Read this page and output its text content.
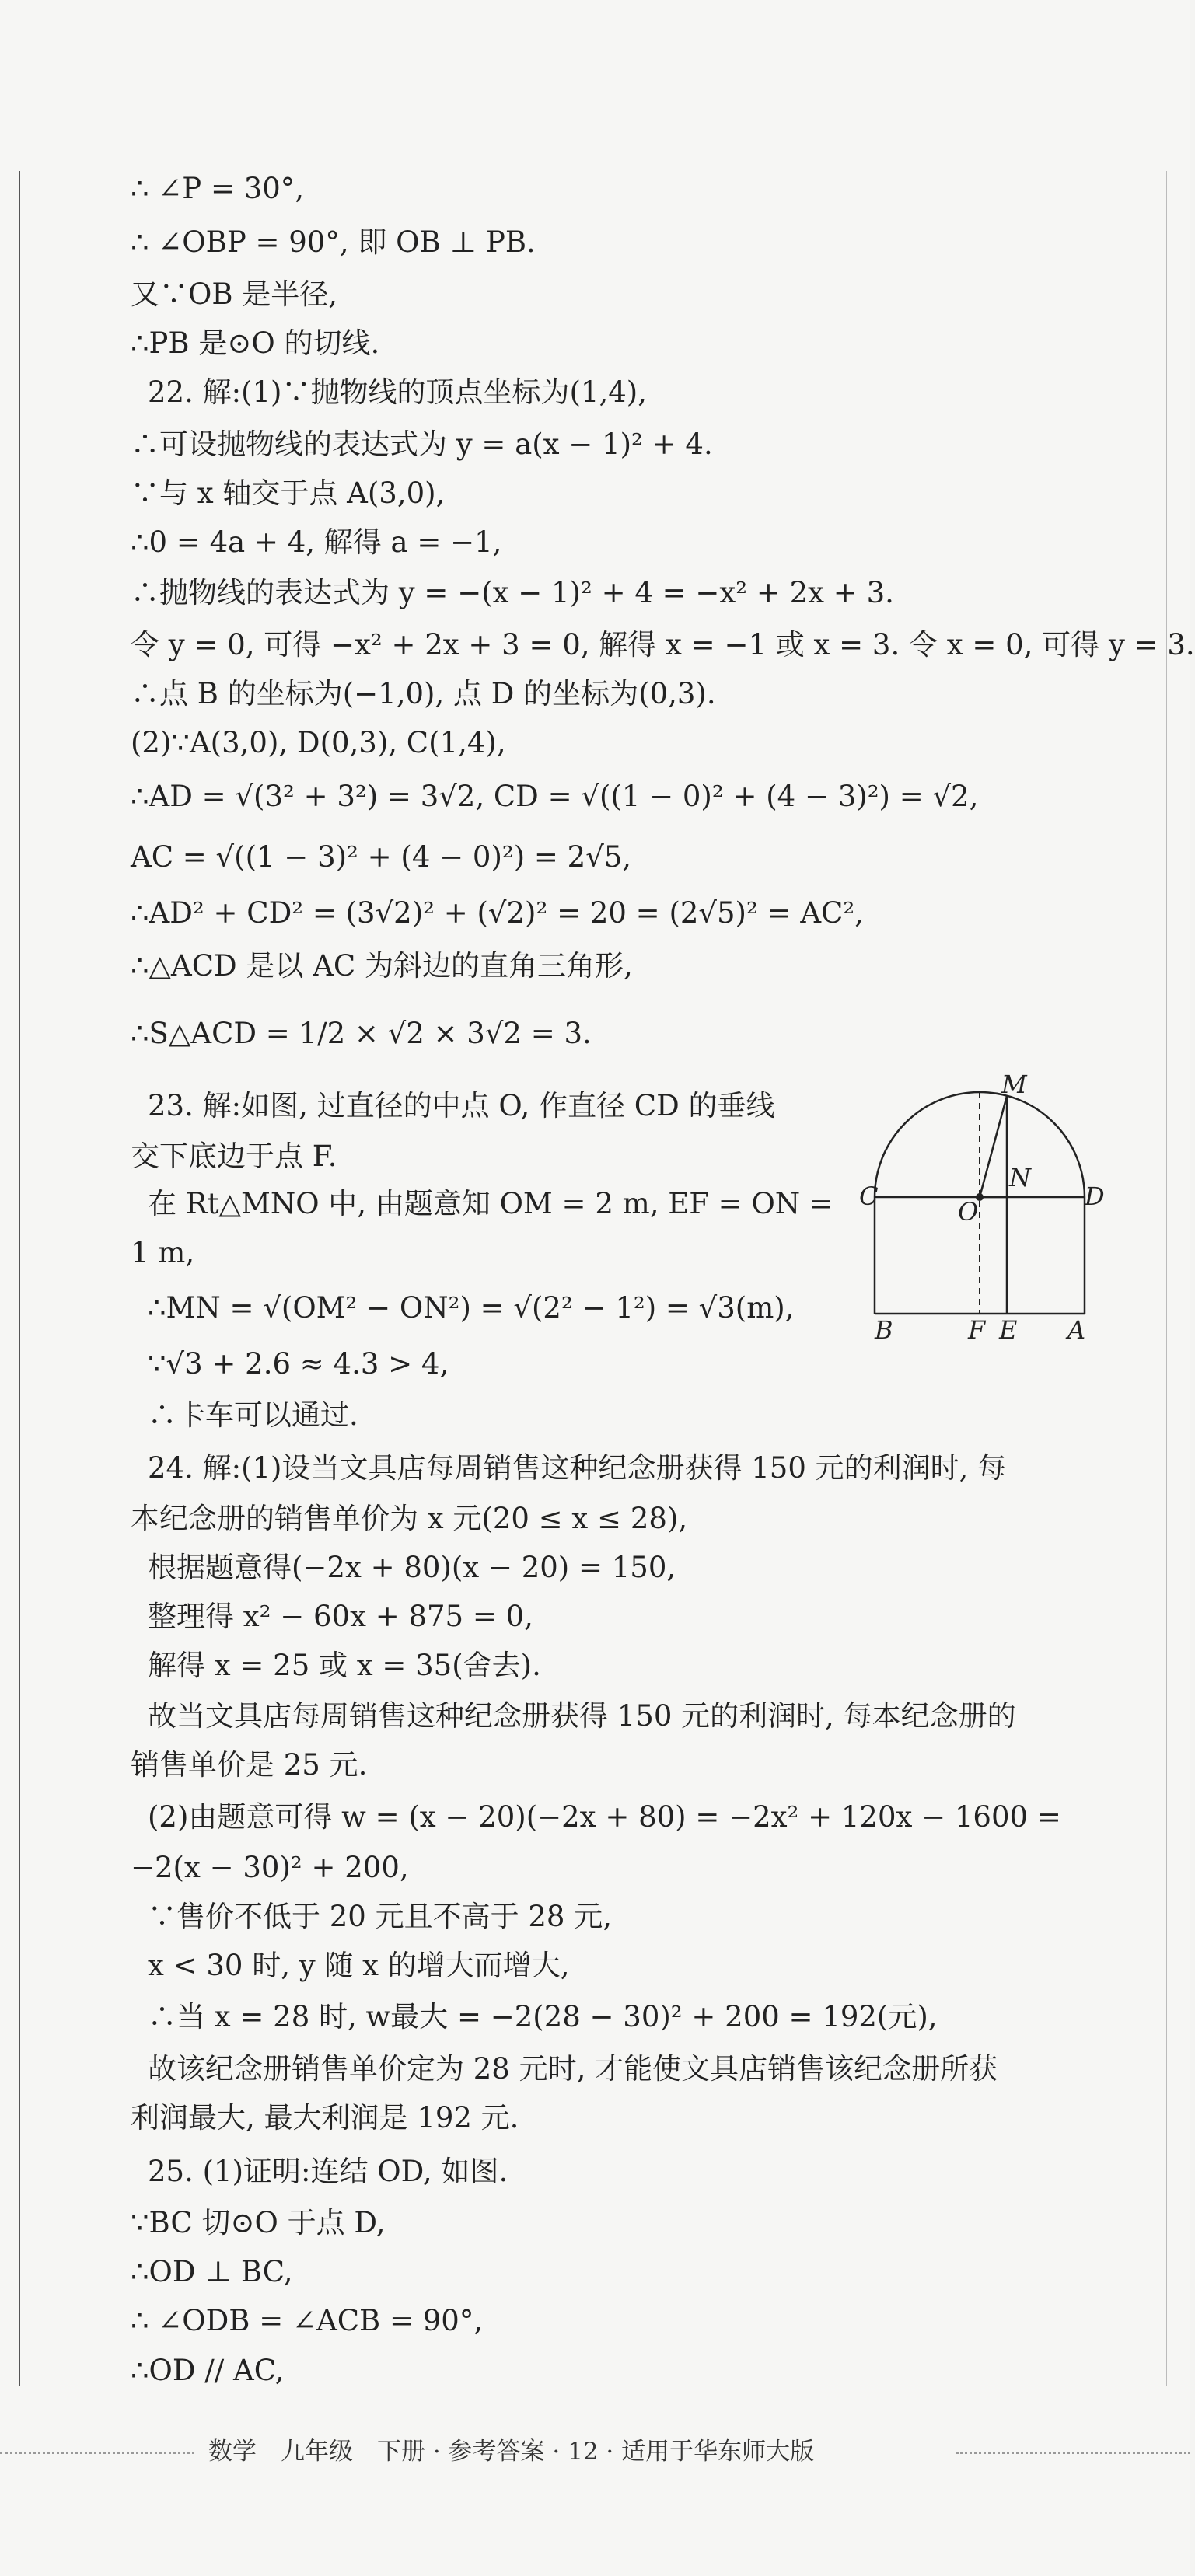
∴ ∠P = 30°,
∴ ∠OBP = 90°, 即 OB ⊥ PB.
又∵OB 是半径,
∴PB 是⊙O 的切线.
22. 解:(1)∵抛物线的顶点坐标为(1,4),
∴可设抛物线的表达式为 y = a(x − 1)² + 4.
∵与 x 轴交于点 A(3,0),
∴0 = 4a + 4, 解得 a = −1,
∴抛物线的表达式为 y = −(x − 1)² + 4 = −x² + 2x + 3.
令 y = 0, 可得 −x² + 2x + 3 = 0, 解得 x = −1 或 x = 3. 令 x = 0, 可得 y = 3.
∴点 B 的坐标为(−1,0), 点 D 的坐标为(0,3).
(2)∵A(3,0), D(0,3), C(1,4),
∴AD = √(3² + 3²) = 3√2, CD = √((1 − 0)² + (4 − 3)²) = √2,
AC = √((1 − 3)² + (4 − 0)²) = 2√5,
∴AD² + CD² = (3√2)² + (√2)² = 20 = (2√5)² = AC²,
∴△ACD 是以 AC 为斜边的直角三角形,
∴S△ACD = 1/2 × √2 × 3√2 = 3.
23. 解:如图, 过直径的中点 O, 作直径 CD 的垂线
交下底边于点 F.
在 Rt△MNO 中, 由题意知 OM = 2 m, EF = ON =
1 m,
∴MN = √(OM² − ON²) = √(2² − 1²) = √3(m),
∵√3 + 2.6 ≈ 4.3 > 4,
∴卡车可以通过.
24. 解:(1)设当文具店每周销售这种纪念册获得 150 元的利润时, 每
本纪念册的销售单价为 x 元(20 ≤ x ≤ 28),
根据题意得(−2x + 80)(x − 20) = 150,
整理得 x² − 60x + 875 = 0,
解得 x = 25 或 x = 35(舍去).
故当文具店每周销售这种纪念册获得 150 元的利润时, 每本纪念册的
销售单价是 25 元.
(2)由题意可得 w = (x − 20)(−2x + 80) = −2x² + 120x − 1600 =
−2(x − 30)² + 200,
∵售价不低于 20 元且不高于 28 元,
x < 30 时, y 随 x 的增大而增大,
∴当 x = 28 时, w最大 = −2(28 − 30)² + 200 = 192(元),
故该纪念册销售单价定为 28 元时, 才能使文具店销售该纪念册所获
利润最大, 最大利润是 192 元.
25. (1)证明:连结 OD, 如图.
∵BC 切⊙O 于点 D,
∴OD ⊥ BC,
∴ ∠ODB = ∠ACB = 90°,
∴OD // AC,
M
N
C	D
O
B	F E A
数学　九年级　下册 · 参考答案 · 12 · 适用于华东师大版
